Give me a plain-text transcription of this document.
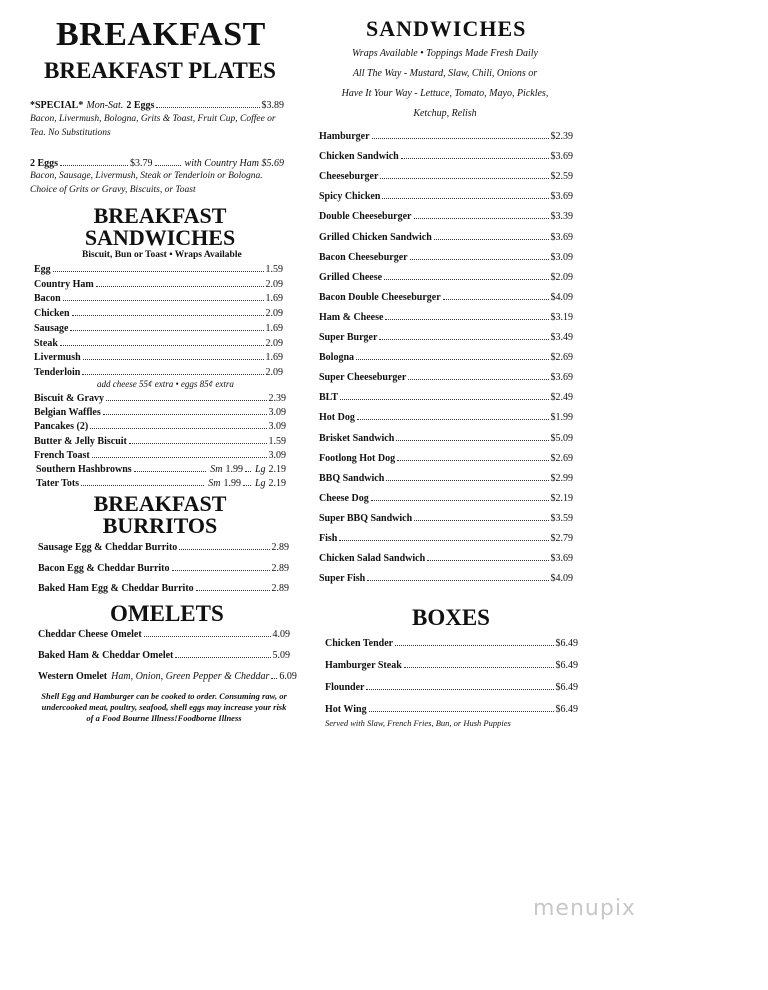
BREAKFAST
BREAKFAST PLATES
*SPECIAL* Mon-Sat. 2 Eggs	$3.89
Bacon, Livermush, Bologna, Grits & Toast, Fruit Cup, Coffee or
Tea. No Substitutions
2 Eggs	$3.79	with Country Ham $5.69
Bacon, Sausage, Livermush, Steak or Tenderloin or Bologna.
Choice of Grits or Gravy, Biscuits, or Toast
BREAKFAST
SANDWICHES
Biscuit, Bun or Toast • Wraps Available
Egg	1.59
Country Ham	2.09
Bacon	1.69
Chicken	2.09
Sausage	1.69
Steak	2.09
Livermush	1.69
Tenderloin	2.09
add cheese 55¢ extra • eggs 85¢ extra
Biscuit & Gravy	2.39
Belgian Waffles	3.09
Pancakes (2)	3.09
Butter & Jelly Biscuit	1.59
French Toast	3.09
Southern Hashbrowns	Sm 1.99 Lg 2.19
Tater Tots	Sm 1.99 Lg 2.19
BREAKFAST
BURRITOS
Sausage Egg & Cheddar Burrito	2.89
Bacon Egg & Cheddar Burrito	2.89
Baked Ham Egg & Cheddar Burrito	2.89
OMELETS
Cheddar Cheese Omelet	4.09
Baked Ham & Cheddar Omelet	5.09
Western Omelet Ham, Onion, Green Pepper & Cheddar 6.09
Shell Egg and Hamburger can be cooked to order. Consuming raw, or
undercooked meat, poultry, seafood, shell eggs may increase your risk
of a Food Bourne Illness!Foodborne Illness
SANDWICHES
Wraps Available • Toppings Made Fresh Daily
All The Way - Mustard, Slaw, Chili, Onions or
Have It Your Way - Lettuce, Tomato, Mayo, Pickles,
Ketchup, Relish
Hamburger	$2.39
Chicken Sandwich	$3.69
Cheeseburger	$2.59
Spicy Chicken	$3.69
Double Cheeseburger	$3.39
Grilled Chicken Sandwich	$3.69
Bacon Cheeseburger	$3.09
Grilled Cheese	$2.09
Bacon Double Cheeseburger	$4.09
Ham & Cheese	$3.19
Super Burger	$3.49
Bologna	$2.69
Super Cheeseburger	$3.69
BLT	$2.49
Hot Dog	$1.99
Brisket Sandwich	$5.09
Footlong Hot Dog	$2.69
BBQ Sandwich	$2.99
Cheese Dog	$2.19
Super BBQ Sandwich	$3.59
Fish	$2.79
Chicken Salad Sandwich	$3.69
Super Fish	$4.09
BOXES
Chicken Tender	$6.49
Hamburger Steak	$6.49
Flounder	$6.49
Hot Wing	$6.49
Served with Slaw, French Fries, Bun, or Hush Puppies
menupix
